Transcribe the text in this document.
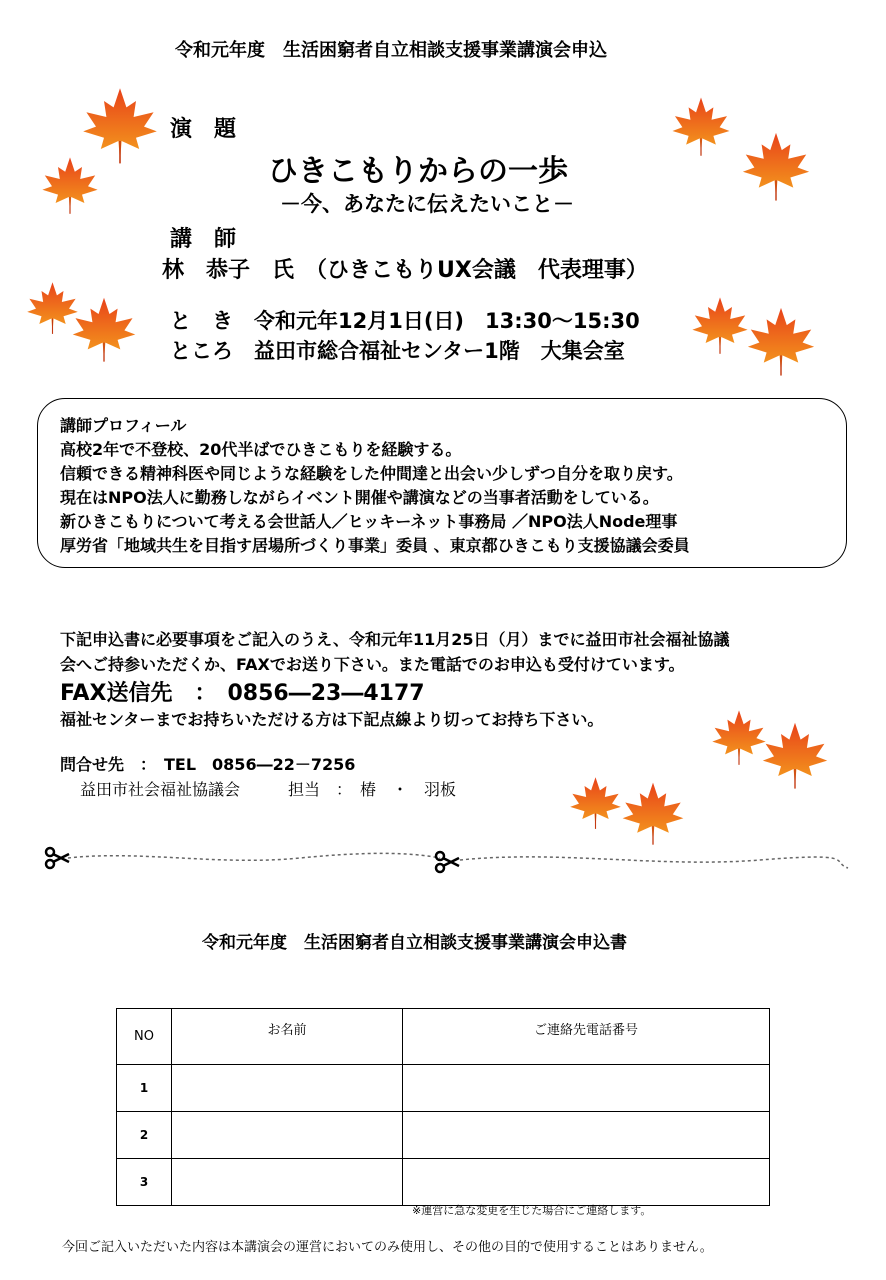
令和元年度　生活困窮者自立相談支援事業講演会申込
演　題
ひきこもりからの一歩
－今、あなたに伝えたいこと－
講　師
林　恭子　氏　（ひきこもりUX会議　代表理事）
と　き　令和元年12月1日(日)　13:30～15:30
ところ　益田市総合福祉センター1階　大集会室
講師プロフィール
高校2年で不登校、20代半ばでひきこもりを経験する。
信頼できる精神科医や同じような経験をした仲間達と出会い少しずつ自分を取り戻す。
現在はNPO法人に勤務しながらイベント開催や講演などの当事者活動をしている。
新ひきこもりについて考える会世話人／ヒッキーネット事務局 ／NPO法人Node理事
厚労省「地域共生を目指す居場所づくり事業」委員 、東京都ひきこもり支援協議会委員
下記申込書に必要事項をご記入のうえ、令和元年11月25日（月）までに益田市社会福祉協議
会へご持参いただくか、FAXでお送り下さい。また電話でのお申込も受付けています。
FAX送信先　：　0856―23―4177
福祉センターまでお持ちいただける方は下記点線より切ってお持ち下さい。
問合せ先　：　TEL　0856―22－7256
益田市社会福祉協議会　　　担当　：　椿　・　羽板
令和元年度　生活困窮者自立相談支援事業講演会申込書
NO	お名前	ご連絡先電話番号
1		
2		
3		
※運営に急な変更を生じた場合にご連絡します。
今回ご記入いただいた内容は本講演会の運営においてのみ使用し、その他の目的で使用することはありません。
